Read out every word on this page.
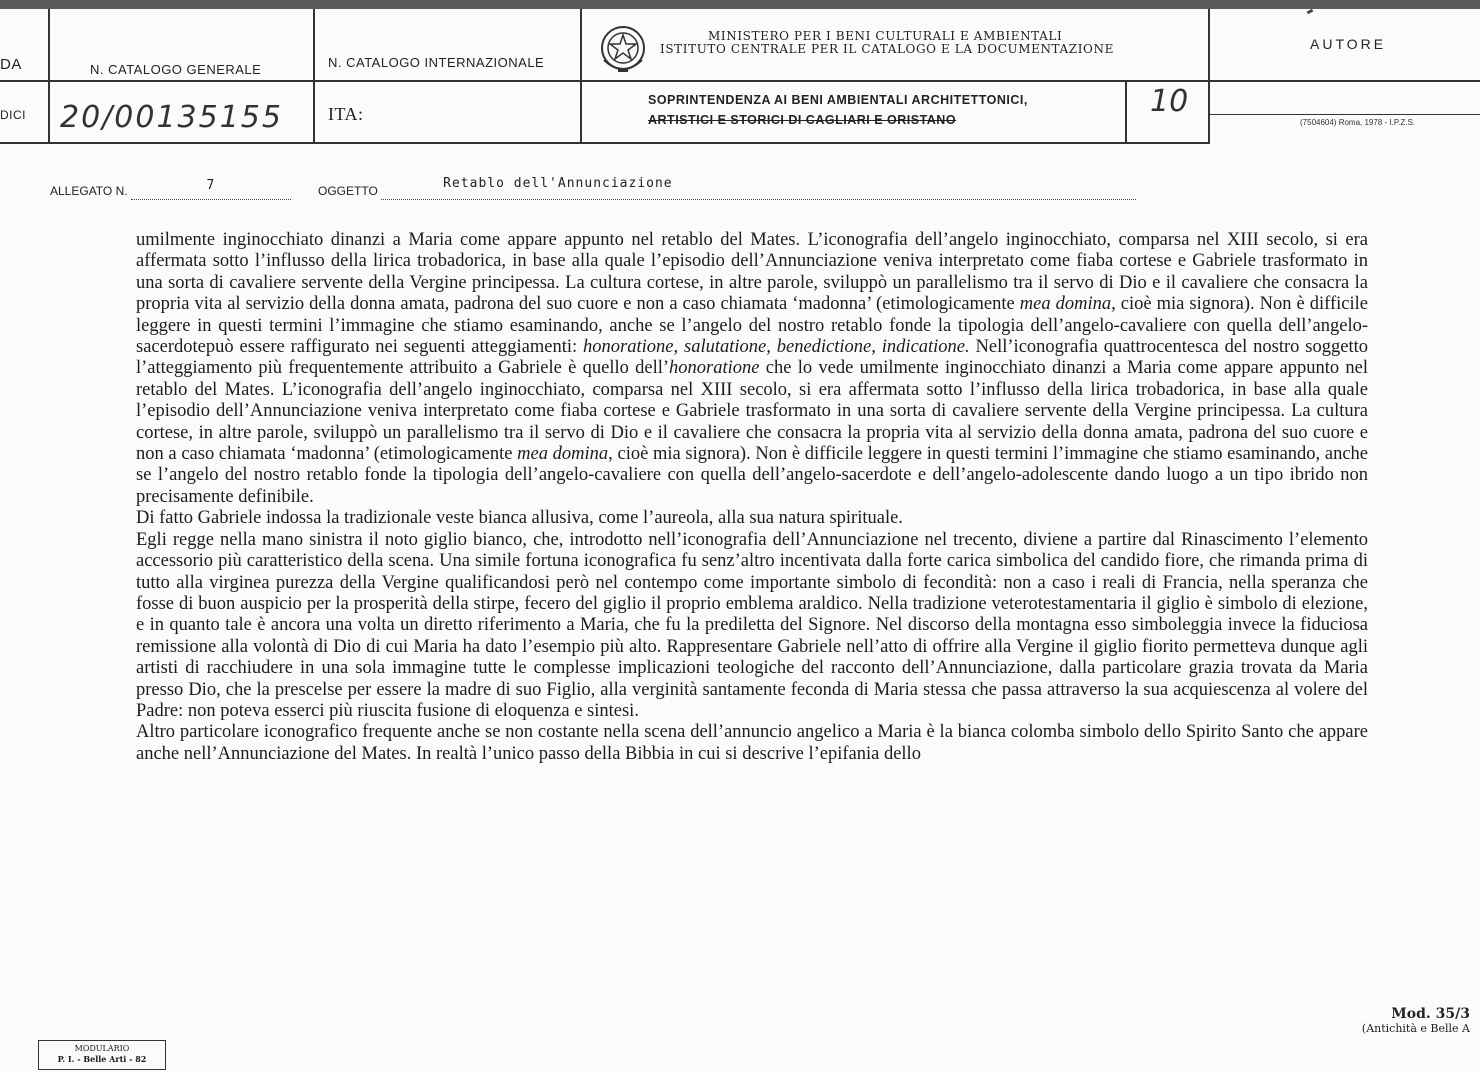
DA
DICI
N. CATALOGO GENERALE
20/00135155
N. CATALOGO INTERNAZIONALE
ITA:
MINISTERO PER I BENI CULTURALI E AMBIENTALI
ISTITUTO CENTRALE PER IL CATALOGO E LA DOCUMENTAZIONE
SOPRINTENDENZA AI BENI AMBIENTALI ARCHITETTONICI,
ARTISTICI E STORICI DI CAGLIARI E ORISTANO
10
AUTORE
(7504604) Roma, 1978 - I.P.Z.S.
ALLEGATO N.	7	OGGETTO	Retablo dell'Annunciazione

umilmente inginocchiato dinanzi a Maria come appare appunto nel retablo del Mates. L’iconografia dell’angelo inginocchiato, comparsa nel XIII secolo, si era affermata sotto l’influsso della lirica trobadorica, in base alla quale l’episodio dell’Annunciazione veniva interpretato come fiaba cortese e Gabriele trasformato in una sorta di cavaliere servente della Vergine principessa. La cultura cortese, in altre parole, sviluppò un parallelismo tra il servo di Dio e il cavaliere che consacra la propria vita al servizio della donna amata, padrona del suo cuore e non a caso chiamata ‘madonna’ (etimologicamente mea domina, cioè mia signora). Non è difficile leggere in questi termini l’immagine che stiamo esaminando, anche se l’angelo del nostro retablo fonde la tipologia dell’angelo-cavaliere con quella dell’angelo-sacerdotepuò essere raffigurato nei seguenti atteggiamenti: honoratione, salutatione, benedictione, indicatione. Nell’iconografia quattrocentesca del nostro soggetto l’atteggiamento più frequentemente attribuito a Gabriele è quello dell’honoratione che lo vede umilmente inginocchiato dinanzi a Maria come appare appunto nel retablo del Mates. L’iconografia dell’angelo inginocchiato, comparsa nel XIII secolo, si era affermata sotto l’influsso della lirica trobadorica, in base alla quale l’episodio dell’Annunciazione veniva interpretato come fiaba cortese e Gabriele trasformato in una sorta di cavaliere servente della Vergine principessa. La cultura cortese, in altre parole, sviluppò un parallelismo tra il servo di Dio e il cavaliere che consacra la propria vita al servizio della donna amata, padrona del suo cuore e non a caso chiamata ‘madonna’ (etimologicamente mea domina, cioè mia signora). Non è difficile leggere in questi termini l’immagine che stiamo esaminando, anche se l’angelo del nostro retablo fonde la tipologia dell’angelo-cavaliere con quella dell’angelo-sacerdote e dell’angelo-adolescente dando luogo a un tipo ibrido non precisamente definibile.

Di fatto Gabriele indossa la tradizionale veste bianca allusiva, come l’aureola, alla sua natura spirituale.

Egli regge nella mano sinistra il noto giglio bianco, che, introdotto nell’iconografia dell’Annunciazione nel trecento, diviene a partire dal Rinascimento l’elemento accessorio più caratteristico della scena. Una simile fortuna iconografica fu senz’altro incentivata dalla forte carica simbolica del candido fiore, che rimanda prima di tutto alla virginea purezza della Vergine qualificandosi però nel contempo come importante simbolo di fecondità: non a caso i reali di Francia, nella speranza che fosse di buon auspicio per la prosperità della stirpe, fecero del giglio il proprio emblema araldico. Nella tradizione veterotestamentaria il giglio è simbolo di elezione, e in quanto tale è ancora una volta un diretto riferimento a Maria, che fu la prediletta del Signore. Nel discorso della montagna esso simboleggia invece la fiduciosa remissione alla volontà di Dio di cui Maria ha dato l’esempio più alto. Rappresentare Gabriele nell’atto di offrire alla Vergine il giglio fiorito permetteva dunque agli artisti di racchiudere in una sola immagine tutte le complesse implicazioni teologiche del racconto dell’Annunciazione, dalla particolare grazia trovata da Maria presso Dio, che la prescelse per essere la madre di suo Figlio, alla verginità santamente feconda di Maria stessa che passa attraverso la sua acquiescenza al volere del Padre: non poteva esserci più riuscita fusione di eloquenza e sintesi.

Altro particolare iconografico frequente anche se non costante nella scena dell’annuncio angelico a Maria è la bianca colomba simbolo dello Spirito Santo che appare anche nell’Annunciazione del Mates. In realtà l’unico passo della Bibbia in cui si descrive l’epifania dello

Mod. 35/3
(Antichità e Belle A
MODULARIO
P. I. - Belle Arti - 82
